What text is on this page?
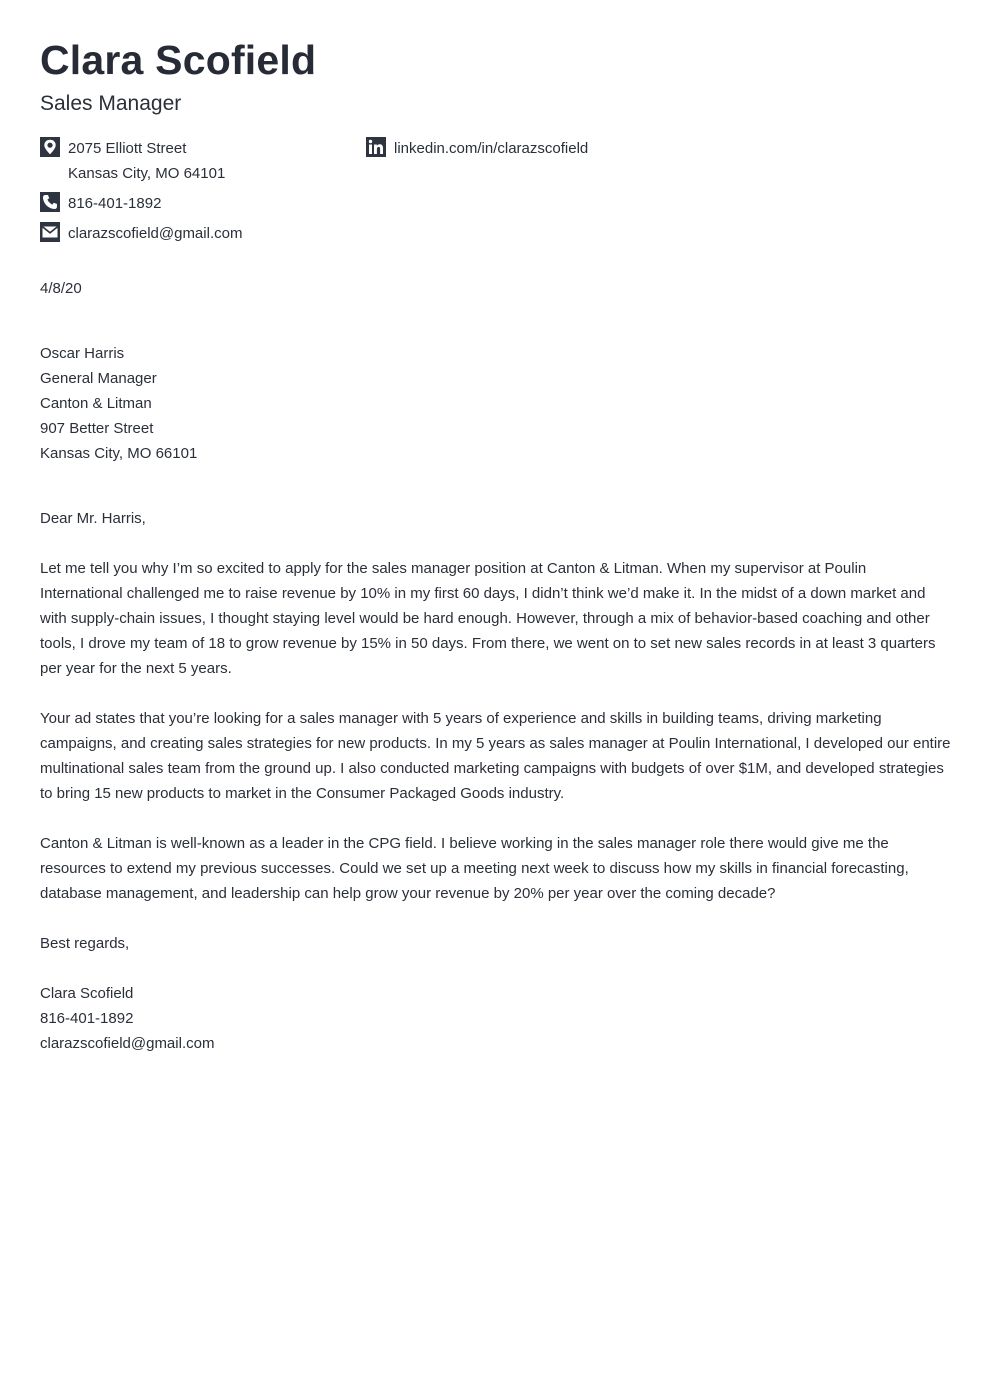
Clara Scofield
Sales Manager
2075 Elliott Street
Kansas City, MO 64101
816-401-1892
clarazscofield@gmail.com
linkedin.com/in/clarazscofield
4/8/20
Oscar Harris
General Manager
Canton & Litman
907 Better Street
Kansas City, MO 66101
Dear Mr. Harris,

Let me tell you why I’m so excited to apply for the sales manager position at Canton & Litman. When my supervisor at Poulin International challenged me to raise revenue by 10% in my first 60 days, I didn’t think we’d make it. In the midst of a down market and with supply-chain issues, I thought staying level would be hard enough. However, through a mix of behavior-based coaching and other tools, I drove my team of 18 to grow revenue by 15% in 50 days. From there, we went on to set new sales records in at least 3 quarters per year for the next 5 years.

Your ad states that you’re looking for a sales manager with 5 years of experience and skills in building teams, driving marketing campaigns, and creating sales strategies for new products. In my 5 years as sales manager at Poulin International, I developed our entire multinational sales team from the ground up. I also conducted marketing campaigns with budgets of over $1M, and developed strategies to bring 15 new products to market in the Consumer Packaged Goods industry.

Canton & Litman is well-known as a leader in the CPG field. I believe working in the sales manager role there would give me the resources to extend my previous successes. Could we set up a meeting next week to discuss how my skills in financial forecasting, database management, and leadership can help grow your revenue by 20% per year over the coming decade?

Best regards,
Clara Scofield
816-401-1892
clarazscofield@gmail.com
